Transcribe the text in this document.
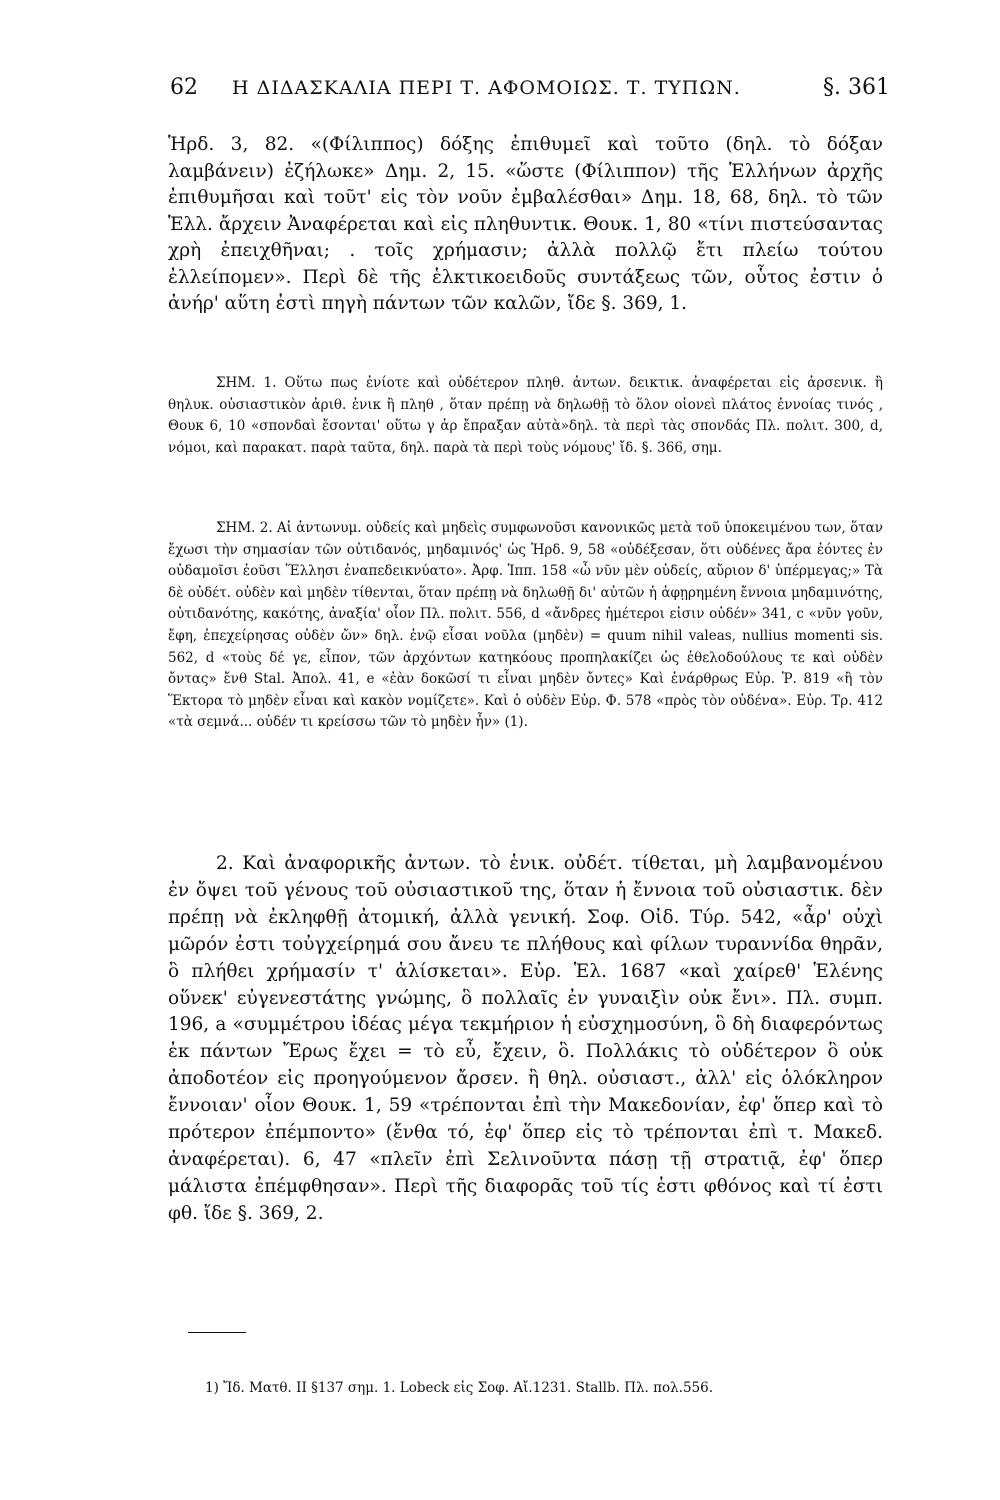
62 Η ΔΙΔΑΣΚΑΛΙΑ ΠΕΡΙ Τ. ΑΦΟΜΟΙΩΣ. Τ. ΤΥΠΩΝ.	§. 361
Ἡρδ. 3, 82. «(Φίλιππος) δόξης ἐπιθυμεῖ καὶ τοῦτο (δηλ. τὸ δόξαν λαμβάνειν) ἐζήλωκε» Δημ. 2, 15. «ὥστε (Φίλιππον) τῆς Ἑλλήνων ἀρχῆς ἐπιθυμῆσαι καὶ τοῦτ' εἰς τὸν νοῦν ἐμβαλέσθαι» Δημ. 18, 68, δηλ. τὸ τῶν Ἑλλ. ἄρχειν Ἀναφέρεται καὶ εἰς πληθυντικ. Θουκ. 1, 80 «τίνι πιστεύσαντας χρὴ ἐπειχθῆναι; . τοῖς χρήμασιν; ἀλλὰ πολλῷ ἔτι πλείω τούτου ἐλλείπομεν». Περὶ δὲ τῆς ἑλκτικοειδοῦς συντάξεως τῶν, οὗτος ἐστιν ὁ ἀνήρ' αὕτη ἐστὶ πηγὴ πάντων τῶν καλῶν, ἴδε §. 369, 1.
ΣΗΜ. 1. Οὕτω πως ἐνίοτε καὶ οὐδέτερον πληθ. ἀντων. δεικτικ. ἀναφέρεται εἰς ἀρσενικ. ἢ θηλυκ. οὐσιαστικὸν ἀριθ. ἑνικ ἢ πληθ , ὅταν πρέπῃ νὰ δηλωθῇ τὸ ὅλον οἱονεὶ πλάτος ἐννοίας τινός , Θουκ 6, 10 «σπονδαὶ ἔσονται' οὕτω γ ἀρ ἔπραξαν αὐτὰ»δηλ. τὰ περὶ τὰς σπονδάς Πλ. πολιτ. 300, d, νόμοι, καὶ παρακατ. παρὰ ταῦτα, δηλ. παρὰ τὰ περὶ τοὺς νόμους' ἴδ. §. 366, σημ.
ΣΗΜ. 2. Αἱ ἀντωνυμ. οὐδείς καὶ μηδεὶς συμφωνοῦσι κανονικῶς μετὰ τοῦ ὑποκειμένου των, ὅταν ἔχωσι τὴν σημασίαν τῶν οὐτιδανός, μηδαμινός' ὡς Ἡρδ. 9, 58 «οὐδέξεσαν, ὅτι οὐδένες ἄρα ἐόντες ἐν οὐδαμοῖσι ἐοῦσι Ἕλλησι ἐναπεδεικνύατο». Ἀρφ. Ἱππ. 158 «ὦ νῦν μὲν οὐδείς, αὔριον δ' ὑπέρμεγας;» Τὰ δὲ οὐδέτ. οὐδὲν καὶ μηδὲν τίθενται, ὅταν πρέπῃ νὰ δηλωθῇ δι' αὐτῶν ἡ ἀφῃρημένη ἔννοια μηδαμινότης, οὐτιδανότης, κακότης, ἀναξία' οἷον Πλ. πολιτ. 556, d «ἄνδρες ἡμέτεροι εἰσιν οὐδέν» 341, c «νῦν γοῦν, ἔφη, ἐπεχείρησας οὐδὲν ὤν» δηλ. ἐνῷ εἶσαι νοῦλα (μηδὲν) = quum nihil valeas, nullius momenti sis. 562, d «τοὺς δέ γε, εἶπον, τῶν ἀρχόντων κατηκόους προπηλακίζει ὡς ἐθελοδούλους τε καὶ οὐδὲν ὄντας» ἔνθ Stal. Ἀπολ. 41, e «ἐὰν δοκῶσί τι εἶναι μηδὲν ὄντες» Καὶ ἐνάρθρως Εὐρ. Ῥ. 819 «ἢ τὸν Ἕκτορα τὸ μηδὲν εἶναι καὶ κακὸν νομίζετε». Καὶ ὁ οὐδὲν Εὐρ. Φ. 578 «πρὸς τὸν οὐδένα». Εὐρ. Τρ. 412 «τὰ σεμνά... οὐδέν τι κρείσσω τῶν τὸ μηδὲν ἦν» (1).
2. Καὶ ἀναφορικῆς ἀντων. τὸ ἑνικ. οὐδέτ. τίθεται, μὴ λαμβανομένου ἐν ὄψει τοῦ γένους τοῦ οὐσιαστικοῦ της, ὅταν ἡ ἔννοια τοῦ οὐσιαστικ. δὲν πρέπῃ νὰ ἐκληφθῇ ἀτομική, ἀλλὰ γενική. Σοφ. Οἰδ. Τύρ. 542, «ἆρ' οὐχὶ μῶρόν ἐστι τοὐγχείρημά σου ἄνευ τε πλήθους καὶ φίλων τυραννίδα θηρᾶν, ὃ πλήθει χρήμασίν τ' ἁλίσκεται». Εὐρ. Ἑλ. 1687 «καὶ χαίρεθ' Ἑλένης οὕνεκ' εὐγενεστάτης γνώμης, ὃ πολλαῖς ἐν γυναιξὶν οὐκ ἔνι». Πλ. συμπ. 196, a «συμμέτρου ἰδέας μέγα τεκμήριον ἡ εὐσχημοσύνη, ὃ δὴ διαφερόντως ἐκ πάντων Ἔρως ἔχει = τὸ εὖ, ἔχειν, ὃ. Πολλάκις τὸ οὐδέτερον ὃ οὐκ ἀποδοτέον εἰς προηγούμενον ἄρσεν. ἢ θηλ. οὐσιαστ., ἀλλ' εἰς ὁλόκληρον ἔννοιαν' οἷον Θουκ. 1, 59 «τρέπονται ἐπὶ τὴν Μακεδονίαν, ἐφ' ὅπερ καὶ τὸ πρότερον ἐπέμποντο» (ἔνθα τό, ἐφ' ὅπερ εἰς τὸ τρέπονται ἐπὶ τ. Μακεδ. ἀναφέρεται). 6, 47 «πλεῖν ἐπὶ Σελινοῦντα πάσῃ τῇ στρατιᾷ, ἐφ' ὅπερ μάλιστα ἐπέμφθησαν». Περὶ τῆς διαφορᾶς τοῦ τίς ἐστι φθόνος καὶ τί ἐστι φθ. ἴδε §. 369, 2.
1) Ἴδ. Ματθ. II §137 σημ. 1. Lobeck εἰς Σοφ. Αἴ.1231. Stallb. Πλ. πολ.556.
